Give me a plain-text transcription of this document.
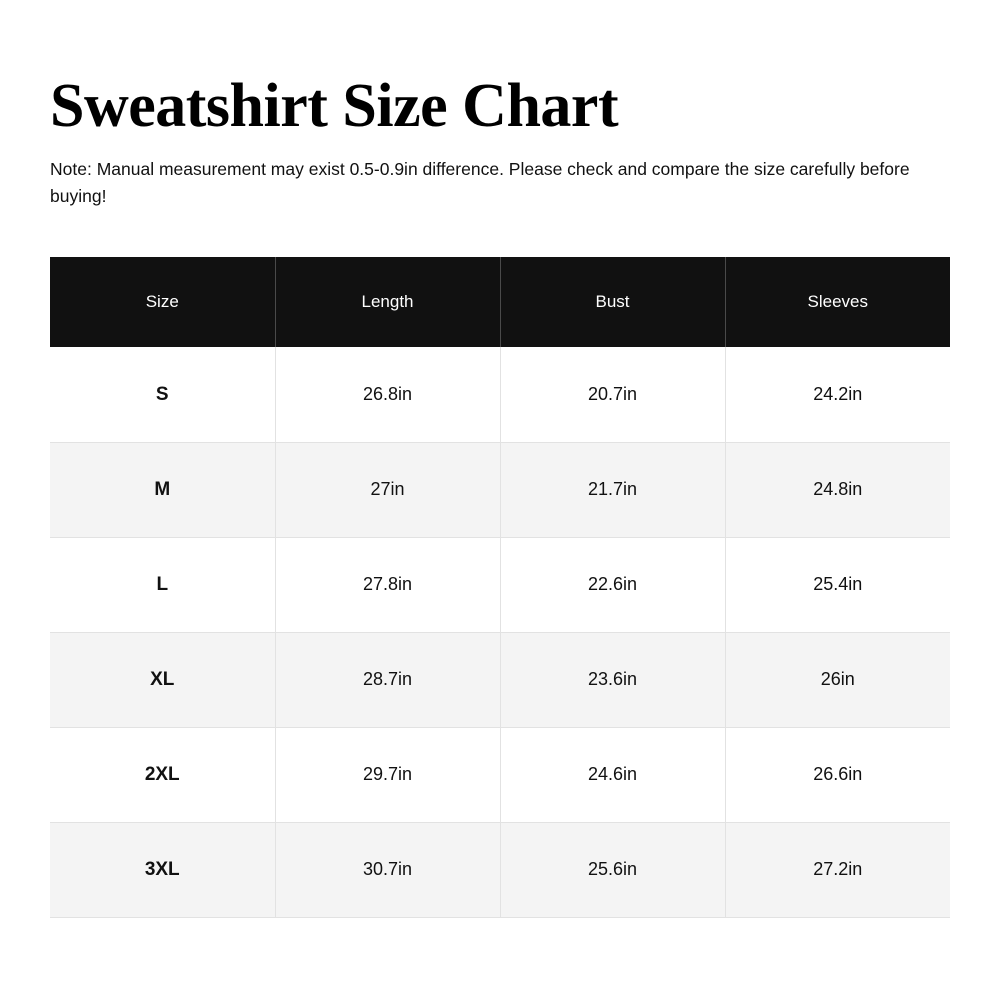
Sweatshirt Size Chart

Note: Manual measurement may exist 0.5-0.9in difference. Please check and compare the size carefully before buying!

Size	Length	Bust	Sleeves
S	26.8in	20.7in	24.2in
M	27in	21.7in	24.8in
L	27.8in	22.6in	25.4in
XL	28.7in	23.6in	26in
2XL	29.7in	24.6in	26.6in
3XL	30.7in	25.6in	27.2in
